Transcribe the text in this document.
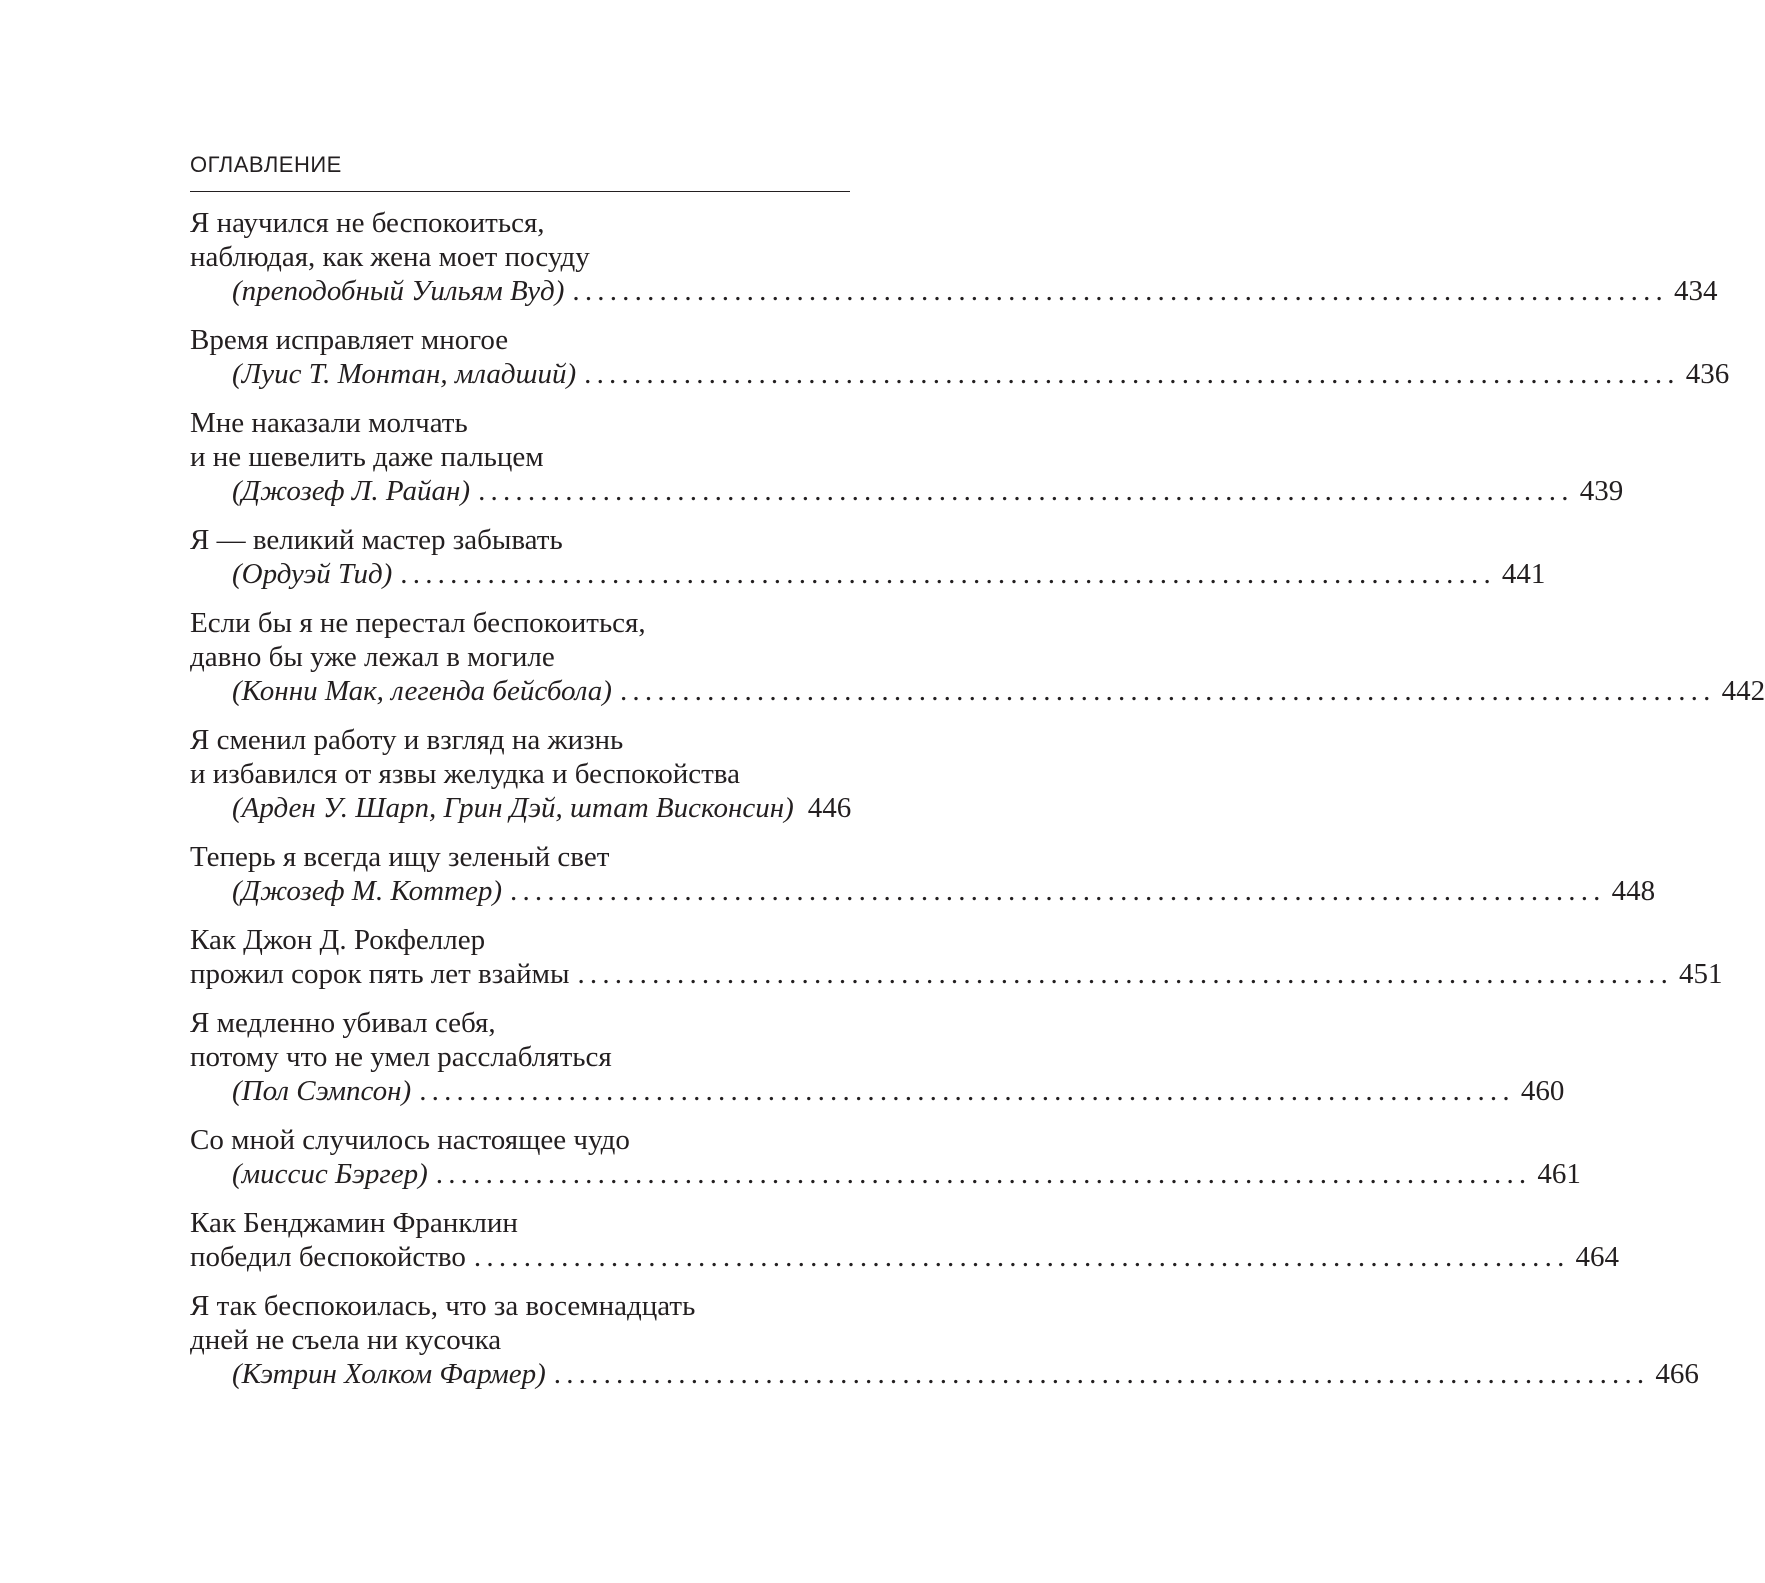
ОГЛАВЛЕНИЕ
Я научился не беспокоиться,
наблюдая, как жена моет посуду
(преподобный Уильям Вуд) ........................................................................................ 434
Время исправляет многое
(Луис Т. Монтан, младший) ........................................................................................ 436
Мне наказали молчать
и не шевелить даже пальцем
(Джозеф Л. Райан) ........................................................................................ 439
Я — великий мастер забывать
(Ордуэй Тид) ........................................................................................ 441
Если бы я не перестал беспокоиться,
давно бы уже лежал в могиле
(Конни Мак, легенда бейсбола) ........................................................................................ 442
Я сменил работу и взгляд на жизнь
и избавился от язвы желудка и беспокойства
(Арден У. Шарп, Грин Дэй, штат Висконсин) 446
Теперь я всегда ищу зеленый свет
(Джозеф М. Коттер) ........................................................................................ 448
Как Джон Д. Рокфеллер
прожил сорок пять лет взаймы ........................................................................................ 451
Я медленно убивал себя,
потому что не умел расслабляться
(Пол Сэмпсон) ........................................................................................ 460
Со мной случилось настоящее чудо
(миссис Бэргер) ........................................................................................ 461
Как Бенджамин Франклин
победил беспокойство ........................................................................................ 464
Я так беспокоилась, что за восемнадцать
дней не съела ни кусочка
(Кэтрин Холком Фармер) ........................................................................................ 466
